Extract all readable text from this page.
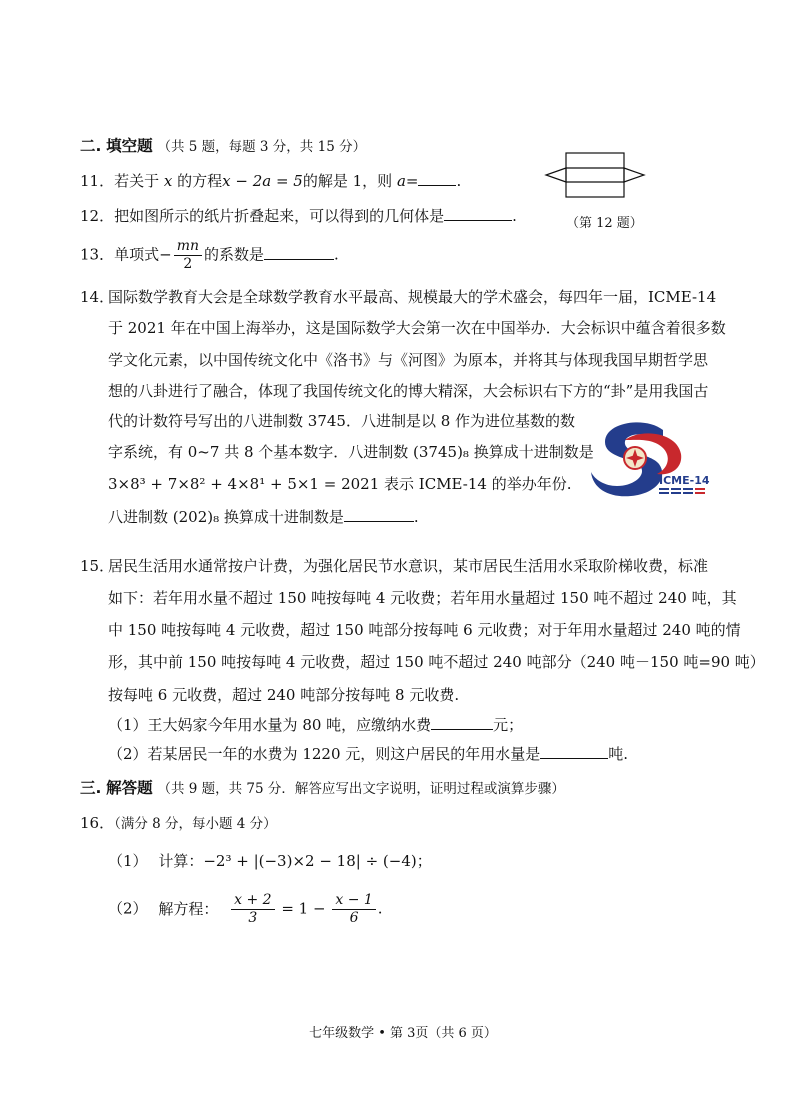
二. 填空题 （共 5 题，每题 3 分，共 15 分）
11．若关于 x 的方程x − 2a = 5的解是 1，则 a=	.
12．把如图所示的纸片折叠起来，可以得到的几何体是	.	（第 12 题）
13．单项式− $\frac{mn}{2}$ 的系数是	.
14．
国际数学教育大会是全球数学教育水平最高、规模最大的学术盛会，每四年一届，ICME-14
于 2021 年在中国上海举办，这是国际数学大会第一次在中国举办．大会标识中蕴含着很多数
学文化元素，以中国传统文化中《洛书》与《河图》为原本，并将其与体现我国早期哲学思
想的八卦进行了融合，体现了我国传统文化的博大精深，大会标识右下方的“卦”是用我国古
代的计数符号写出的八进制数 3745．八进制是以 8 作为进位基数的数
字系统，有 0~7 共 8 个基本数字．八进制数 (3745)₈ 换算成十进制数是
3×8³ + 7×8² + 4×8¹ + 5×1 = 2021 表示 ICME-14 的举办年份.
八进制数 (202)₈ 换算成十进制数是	.
ICME-14
15．
居民生活用水通常按户计费，为强化居民节水意识，某市居民生活用水采取阶梯收费，标准
如下：若年用水量不超过 150 吨按每吨 4 元收费；若年用水量超过 150 吨不超过 240 吨，其
中 150 吨按每吨 4 元收费，超过 150 吨部分按每吨 6 元收费；对于年用水量超过 240 吨的情
形，其中前 150 吨按每吨 4 元收费，超过 150 吨不超过 240 吨部分（240 吨－150 吨=90 吨）
按每吨 6 元收费，超过 240 吨部分按每吨 8 元收费.
（1）王大妈家今年用水量为 80 吨，应缴纳水费	元；
（2）若某居民一年的水费为 1220 元，则这户居民的年用水量是	吨.
三. 解答题 （共 9 题，共 75 分．解答应写出文字说明，证明过程或演算步骤）
16．（满分 8 分，每小题 4 分）
（1） 计算：−2³ + |(−3)×2 − 18| ÷ (−4)；
（2） 解方程： $\frac{x + 2}{3} = 1 - \frac{x - 1}{6}$ .
七年级数学 • 第 3页（共 6 页）
